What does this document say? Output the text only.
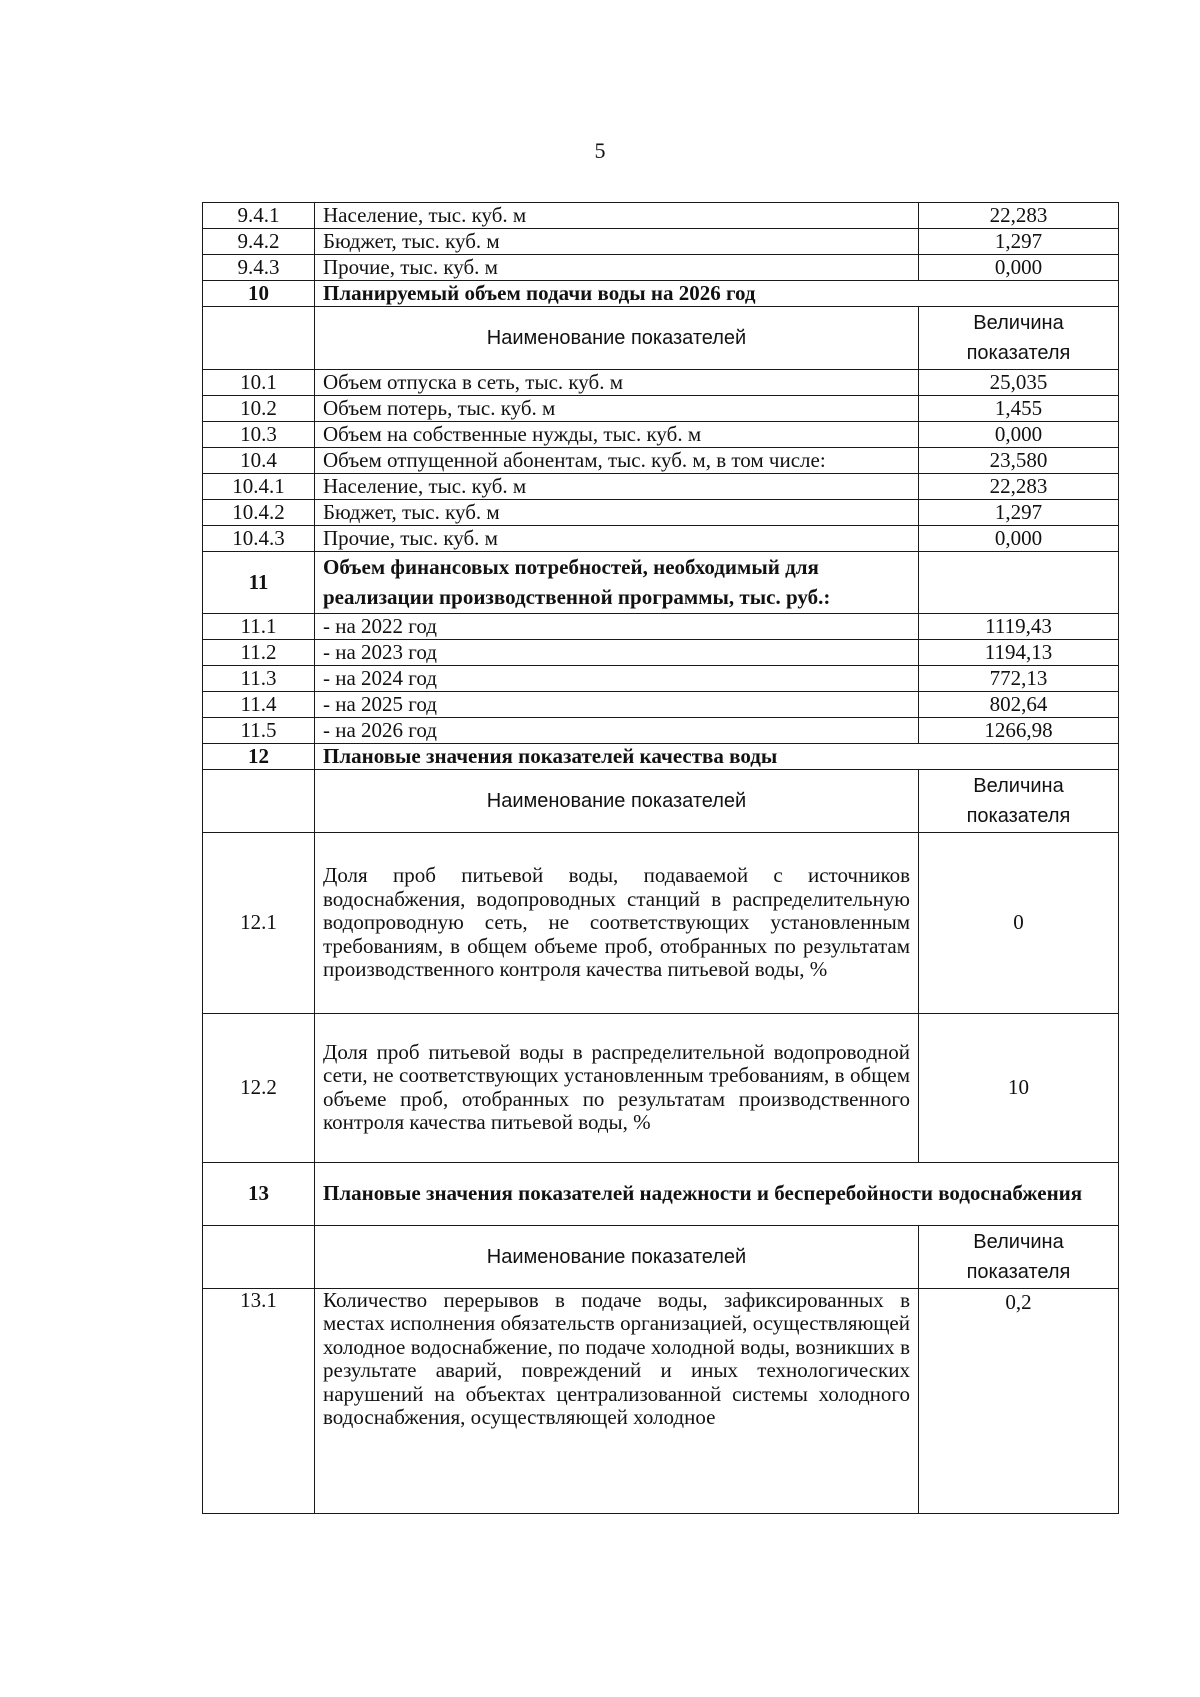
5
9.4.1	Население, тыс. куб. м	22,283
9.4.2	Бюджет, тыс. куб. м	1,297
9.4.3	Прочие, тыс. куб. м	0,000
10	Планируемый объем подачи воды на 2026 год	
	Наименование показателей	Величина показателя
10.1	Объем отпуска в сеть, тыс. куб. м	25,035
10.2	Объем потерь, тыс. куб. м	1,455
10.3	Объем на собственные нужды, тыс. куб. м	0,000
10.4	Объем отпущенной абонентам, тыс. куб. м, в том числе:	23,580
10.4.1	Население, тыс. куб. м	22,283
10.4.2	Бюджет, тыс. куб. м	1,297
10.4.3	Прочие, тыс. куб. м	0,000
11	Объем финансовых потребностей, необходимый для реализации производственной программы, тыс. руб.:	
11.1	- на 2022 год	1119,43
11.2	- на 2023 год	1194,13
11.3	- на 2024 год	772,13
11.4	- на 2025 год	802,64
11.5	- на 2026 год	1266,98
12	Плановые значения показателей качества воды	
	Наименование показателей	Величина показателя
12.1	Доля проб питьевой воды, подаваемой с источников водоснабжения, водопроводных станций в распределительную водопроводную сеть, не соответствующих установленным требованиям, в общем объеме проб, отобранных по результатам производственного контроля качества питьевой воды, %	0
12.2	Доля проб питьевой воды в распределительной водопроводной сети, не соответствующих установленным требованиям, в общем объеме проб, отобранных по результатам производственного контроля качества питьевой воды, %	10
13	Плановые значения показателей надежности и бесперебойности водоснабжения	
	Наименование показателей	Величина показателя
13.1	Количество перерывов в подаче воды, зафиксированных в местах исполнения обязательств организацией, осуществляющей холодное водоснабжение, по подаче холодной воды, возникших в результате аварий, повреждений и иных технологических нарушений на объектах централизованной системы холодного водоснабжения, осуществляющей холодное	0,2
